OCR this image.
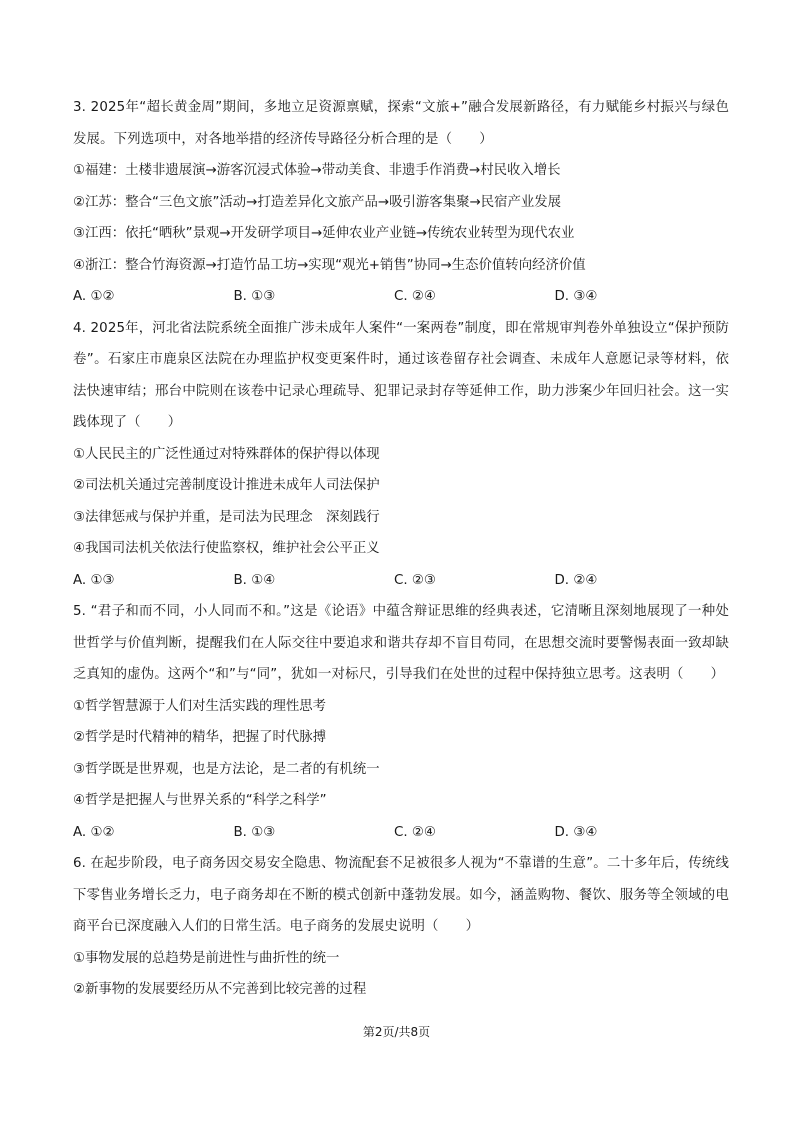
3. 2025年“超长黄金周”期间，多地立足资源禀赋，探索“文旅+”融合发展新路径，有力赋能乡村振兴与绿色发展。下列选项中，对各地举措的经济传导路径分析合理的是（　　）

①福建：土楼非遗展演→游客沉浸式体验→带动美食、非遗手作消费→村民收入增长

②江苏：整合“三色文旅”活动→打造差异化文旅产品→吸引游客集聚→民宿产业发展

③江西：依托“晒秋”景观→开发研学项目→延伸农业产业链→传统农业转型为现代农业

④浙江：整合竹海资源→打造竹品工坊→实现“观光+销售”协同→生态价值转向经济价值

A. ①②	B. ①③	C. ②④	D. ③④

4. 2025年，河北省法院系统全面推广涉未成年人案件“一案两卷”制度，即在常规审判卷外单独设立“保护预防卷”。石家庄市鹿泉区法院在办理监护权变更案件时，通过该卷留存社会调查、未成年人意愿记录等材料，依法快速审结；邢台中院则在该卷中记录心理疏导、犯罪记录封存等延伸工作，助力涉案少年回归社会。这一实践体现了（　　）

①人民民主的广泛性通过对特殊群体的保护得以体现

②司法机关通过完善制度设计推进未成年人司法保护

③法律惩戒与保护并重，是司法为民理念　深刻践行

④我国司法机关依法行使监察权，维护社会公平正义

A. ①③	B. ①④	C. ②③	D. ②④

5. “君子和而不同，小人同而不和。”这是《论语》中蕴含辩证思维的经典表述，它清晰且深刻地展现了一种处世哲学与价值判断，提醒我们在人际交往中要追求和谐共存却不盲目苟同，在思想交流时要警惕表面一致却缺乏真知的虚伪。这两个“和”与“同”，犹如一对标尺，引导我们在处世的过程中保持独立思考。这表明（　　）

①哲学智慧源于人们对生活实践的理性思考

②哲学是时代精神的精华，把握了时代脉搏

③哲学既是世界观，也是方法论，是二者的有机统一

④哲学是把握人与世界关系的“科学之科学”

A. ①②	B. ①③	C. ②④	D. ③④

6. 在起步阶段，电子商务因交易安全隐患、物流配套不足被很多人视为“不靠谱的生意”。二十多年后，传统线下零售业务增长乏力，电子商务却在不断的模式创新中蓬勃发展。如今，涵盖购物、餐饮、服务等全领域的电商平台已深度融入人们的日常生活。电子商务的发展史说明（　　）

①事物发展的总趋势是前进性与曲折性的统一

②新事物的发展要经历从不完善到比较完善的过程

第2页/共8页
